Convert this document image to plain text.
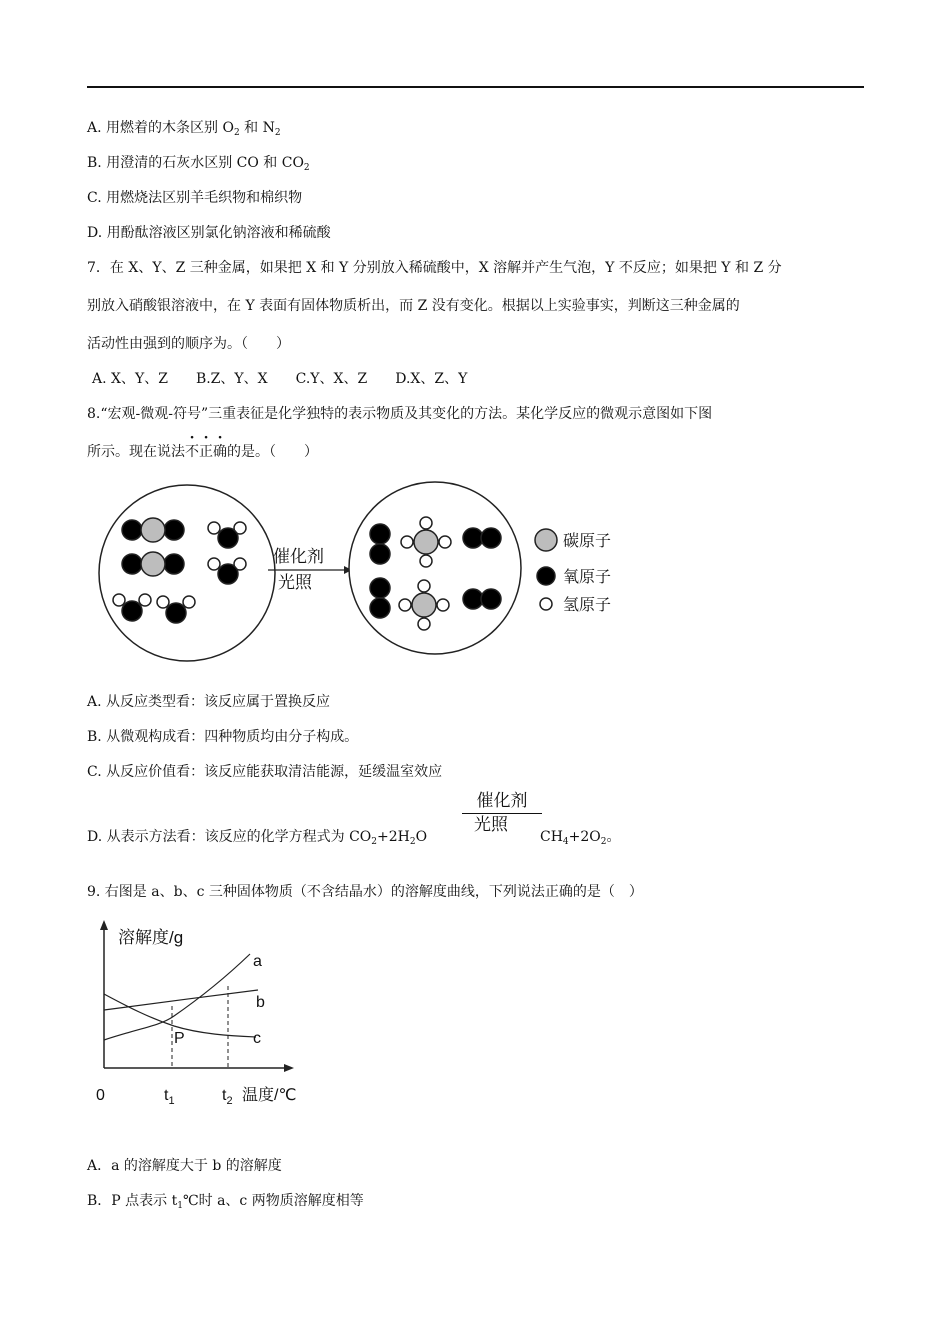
A. 用燃着的木条区别 $O_2$ 和 $N_2$
B. 用澄清的石灰水区别 CO 和 $CO_2$
C. 用燃烧法区别羊毛织物和棉织物
D. 用酚酞溶液区别氯化钠溶液和稀硫酸
7．在 X、Y、Z 三种金属，如果把 X 和 Y 分别放入稀硫酸中，X 溶解并产生气泡，Y 不反应；如果把 Y 和 Z 分
别放入硝酸银溶液中，在 Y 表面有固体物质析出，而 Z 没有变化。根据以上实验事实，判断这三种金属的
活动性由强到的顺序为。（　　）
A. X、Y、Z　　B.Z、Y、X　　C.Y、X、Z　　D.X、Z、Y
8.“宏观-微观-符号”三重表征是化学独特的表示物质及其变化的方法。某化学反应的微观示意图如下图
所示。现在说法不正确的是。（　　）
催化剂
光照
碳原子
氧原子
氢原子
A. 从反应类型看：该反应属于置换反应
B. 从微观构成看：四种物质均由分子构成。
C. 从反应价值看：该反应能获取清洁能源，延缓温室效应
D. 从表示方法看：该反应的化学方程式为 $CO_2+2H_2O$
催化剂
光照
$CH_4+2O_2$。
9. 右图是 a、b、c 三种固体物质（不含结晶水）的溶解度曲线，下列说法正确的是（　）
溶解度/g
a
b
c
P
0	$t_1$	$t_2$ 温度/℃
A．a 的溶解度大于 b 的溶解度
B．P 点表示 $t_1℃$时 a、c 两物质溶解度相等
